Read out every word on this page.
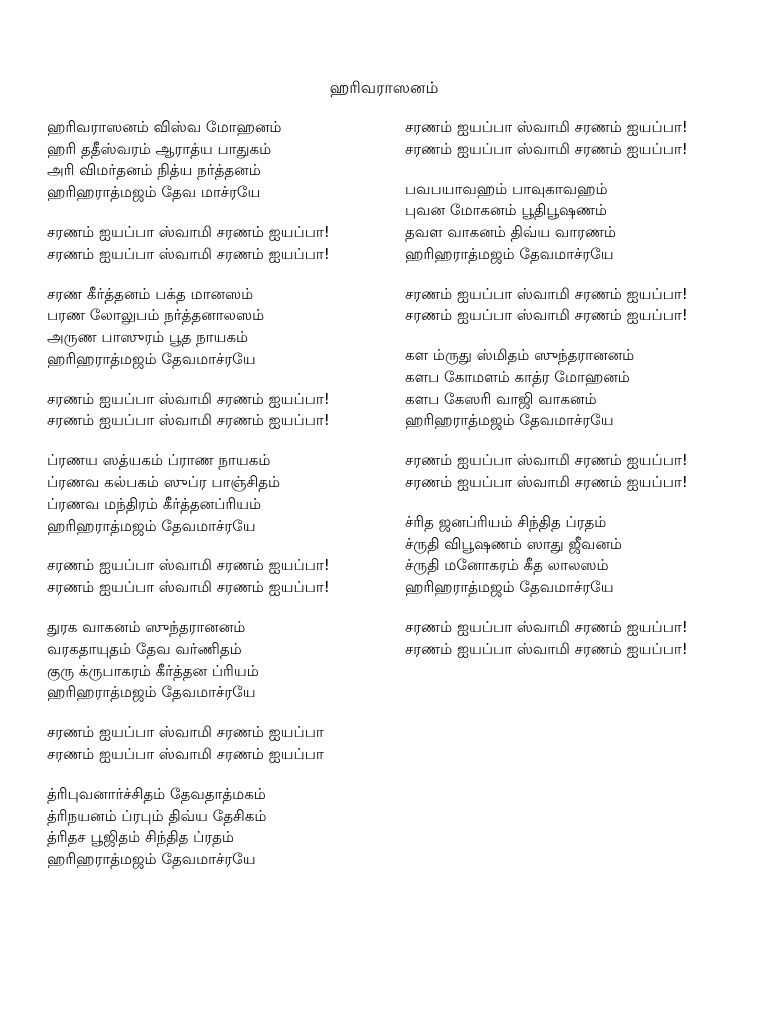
ஹரிவராஸனம்
ஹரிவராஸனம் விஸ்வ மோஹனம்
ஹரி ததீஸ்வரம் ஆராத்ய பாதுகம்
அரி விமர்தனம் நித்ய நர்த்தனம்
ஹரிஹராத்மஜம் தேவ மாச்ரயே
சரணம் ஐயப்பா ஸ்வாமி சரணம் ஐயப்பா!
சரணம் ஐயப்பா ஸ்வாமி சரணம் ஐயப்பா!
சரண கீர்த்தனம் பக்த மானஸம்
பரண லோலுபம் நர்த்தனாலஸம்
அருண பாஸுரம் பூத நாயகம்
ஹரிஹராத்மஜம் தேவமாச்ரயே
சரணம் ஐயப்பா ஸ்வாமி சரணம் ஐயப்பா!
சரணம் ஐயப்பா ஸ்வாமி சரணம் ஐயப்பா!
ப்ரணய ஸத்யகம் ப்ராண நாயகம்
ப்ரணவ கல்பகம் ஸுப்ர பாஞ்சிதம்
ப்ரணவ மந்திரம் கீர்த்தனப்ரியம்
ஹரிஹராத்மஜம் தேவமாச்ரயே
சரணம் ஐயப்பா ஸ்வாமி சரணம் ஐயப்பா!
சரணம் ஐயப்பா ஸ்வாமி சரணம் ஐயப்பா!
துரக வாகனம் ஸுந்தரானனம்
வரகதாயுதம் தேவ வர்ணிதம்
குரு க்ருபாகரம் கீர்த்தன ப்ரியம்
ஹரிஹராத்மஜம் தேவமாச்ரயே
சரணம் ஐயப்பா ஸ்வாமி சரணம் ஐயப்பா
சரணம் ஐயப்பா ஸ்வாமி சரணம் ஐயப்பா
த்ரிபுவனார்ச்சிதம் தேவதாத்மகம்
த்ரிநயனம் ப்ரபும் திவ்ய தேசிகம்
த்ரிதச பூஜிதம் சிந்தித ப்ரதம்
ஹரிஹராத்மஜம் தேவமாச்ரயே
சரணம் ஐயப்பா ஸ்வாமி சரணம் ஐயப்பா!
சரணம் ஐயப்பா ஸ்வாமி சரணம் ஐயப்பா!
பவபயாவஹம் பாவுகாவஹம்
புவன மோகனம் பூதிபூஷணம்
தவள வாகனம் திவ்ய வாரணம்
ஹரிஹராத்மஜம் தேவமாச்ரயே
சரணம் ஐயப்பா ஸ்வாமி சரணம் ஐயப்பா!
சரணம் ஐயப்பா ஸ்வாமி சரணம் ஐயப்பா!
கள ம்ருது ஸ்மிதம் ஸுந்தரானனம்
களப கோமளம் காத்ர மோஹனம்
களப கேஸரி வாஜி வாகனம்
ஹரிஹராத்மஜம் தேவமாச்ரயே
சரணம் ஐயப்பா ஸ்வாமி சரணம் ஐயப்பா!
சரணம் ஐயப்பா ஸ்வாமி சரணம் ஐயப்பா!
ச்ரித ஜனப்ரியம் சிந்தித ப்ரதம்
ச்ருதி விபூஷணம் ஸாது ஜீவனம்
ச்ருதி மனோகரம் கீத லாலஸம்
ஹரிஹராத்மஜம் தேவமாச்ரயே
சரணம் ஐயப்பா ஸ்வாமி சரணம் ஐயப்பா!
சரணம் ஐயப்பா ஸ்வாமி சரணம் ஐயப்பா!
